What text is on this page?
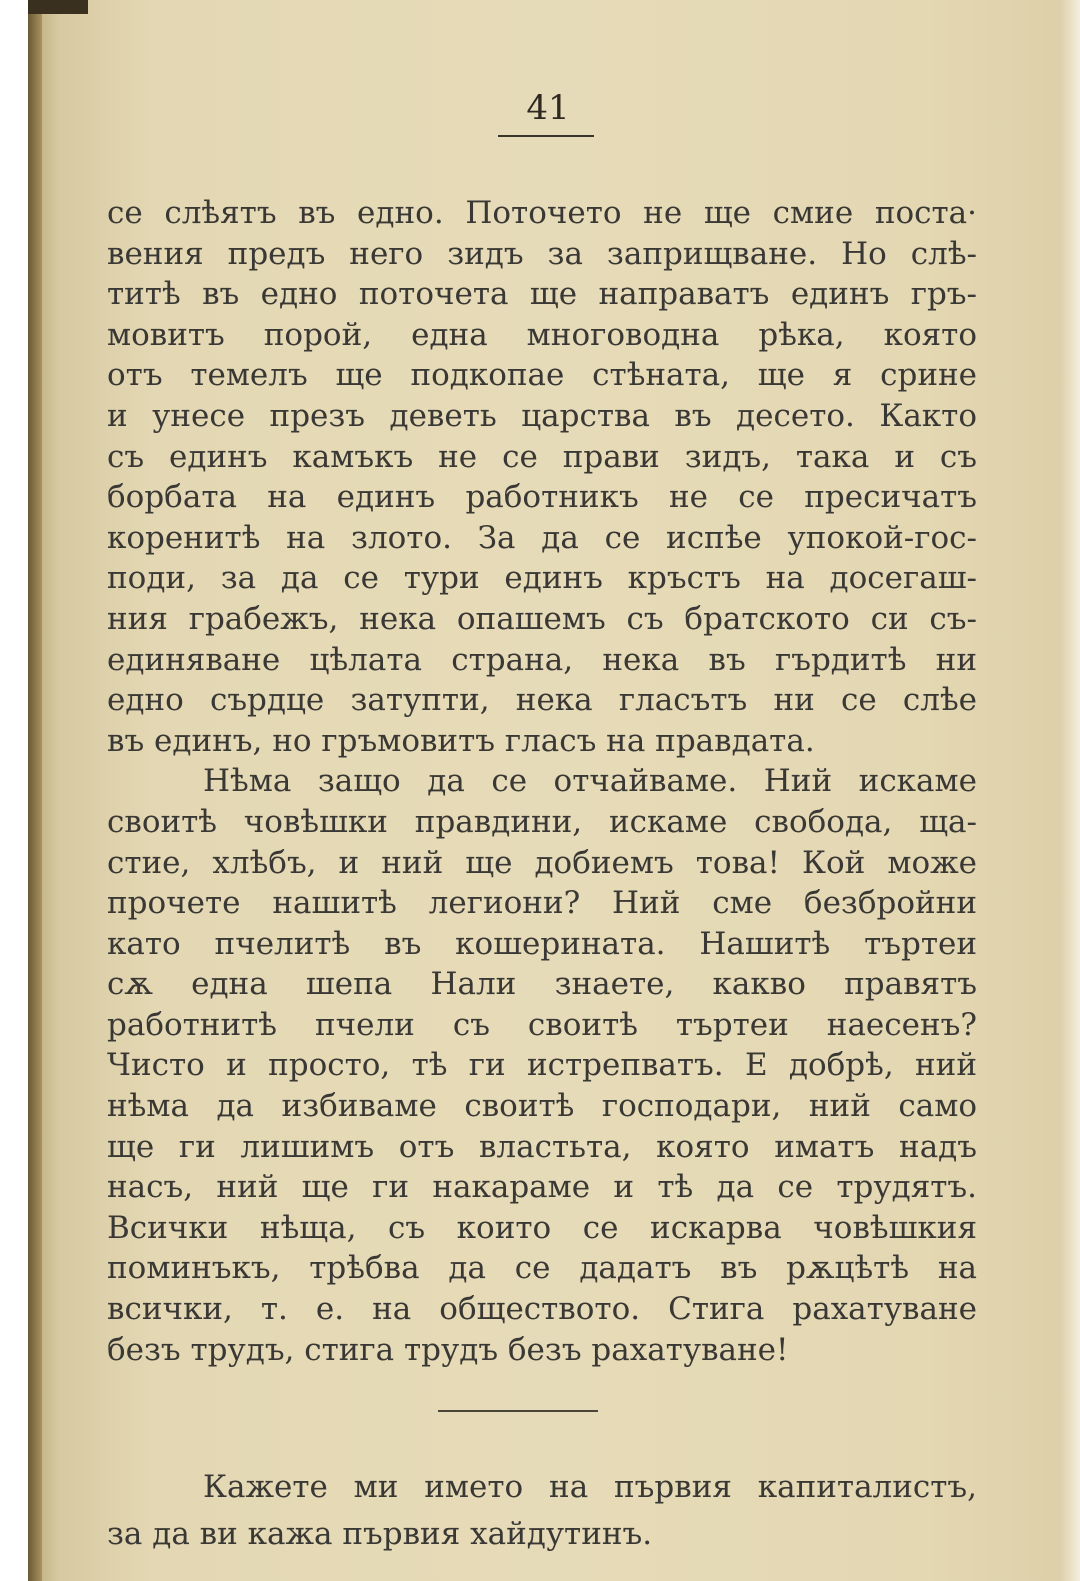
41
се слѣятъ въ едно. Поточето не ще смие поста·
вения предъ него зидъ за заприщване. Но слѣ-
титѣ въ едно поточета ще направатъ единъ гръ-
мовитъ порой, една многоводна рѣка, която
отъ темелъ ще подкопае стѣната, ще я срине
и унесе презъ деветь царства въ десето. Както
съ единъ камъкъ не се прави зидъ, така и съ
борбата на единъ работникъ не се пресичатъ
коренитѣ на злото. За да се испѣе упокой-гос-
поди, за да се тури единъ кръстъ на досегаш-
ния грабежъ, нека опашемъ съ братското си съ-
единяване цѣлата страна, нека въ гърдитѣ ни
едно сърдце затупти, нека гласътъ ни се слѣе
въ единъ, но гръмовитъ гласъ на правдата.
Нѣма защо да се отчайваме. Ний искаме
своитѣ човѣшки правдини, искаме свобода, щa-
стие, хлѣбъ, и ний ще добиемъ това! Кой може
прочете нашитѣ легиони? Ний сме безбройни
като пчелитѣ въ кошерината. Нашитѣ търтеи
сѫ една шепа Нали знаете, какво правятъ
работнитѣ пчели съ своитѣ търтеи наесенъ?
Чисто и просто, тѣ ги истрепватъ. Е добрѣ, ний
нѣма да избиваме своитѣ господари, ний само
ще ги лишимъ отъ властьта, която иматъ надъ
насъ, ний ще ги накараме и тѣ да се трудятъ.
Всички нѣща, съ които се искарва човѣшкия
поминъкъ, трѣбва да се дадатъ въ рѫцѣтѣ на
всички, т. е. на обществото. Стига рахатуване
безъ трудъ, стига трудъ безъ рахатуване!
Кажете ми името на първия капиталистъ,
за да ви кажа първия хайдутинъ.
